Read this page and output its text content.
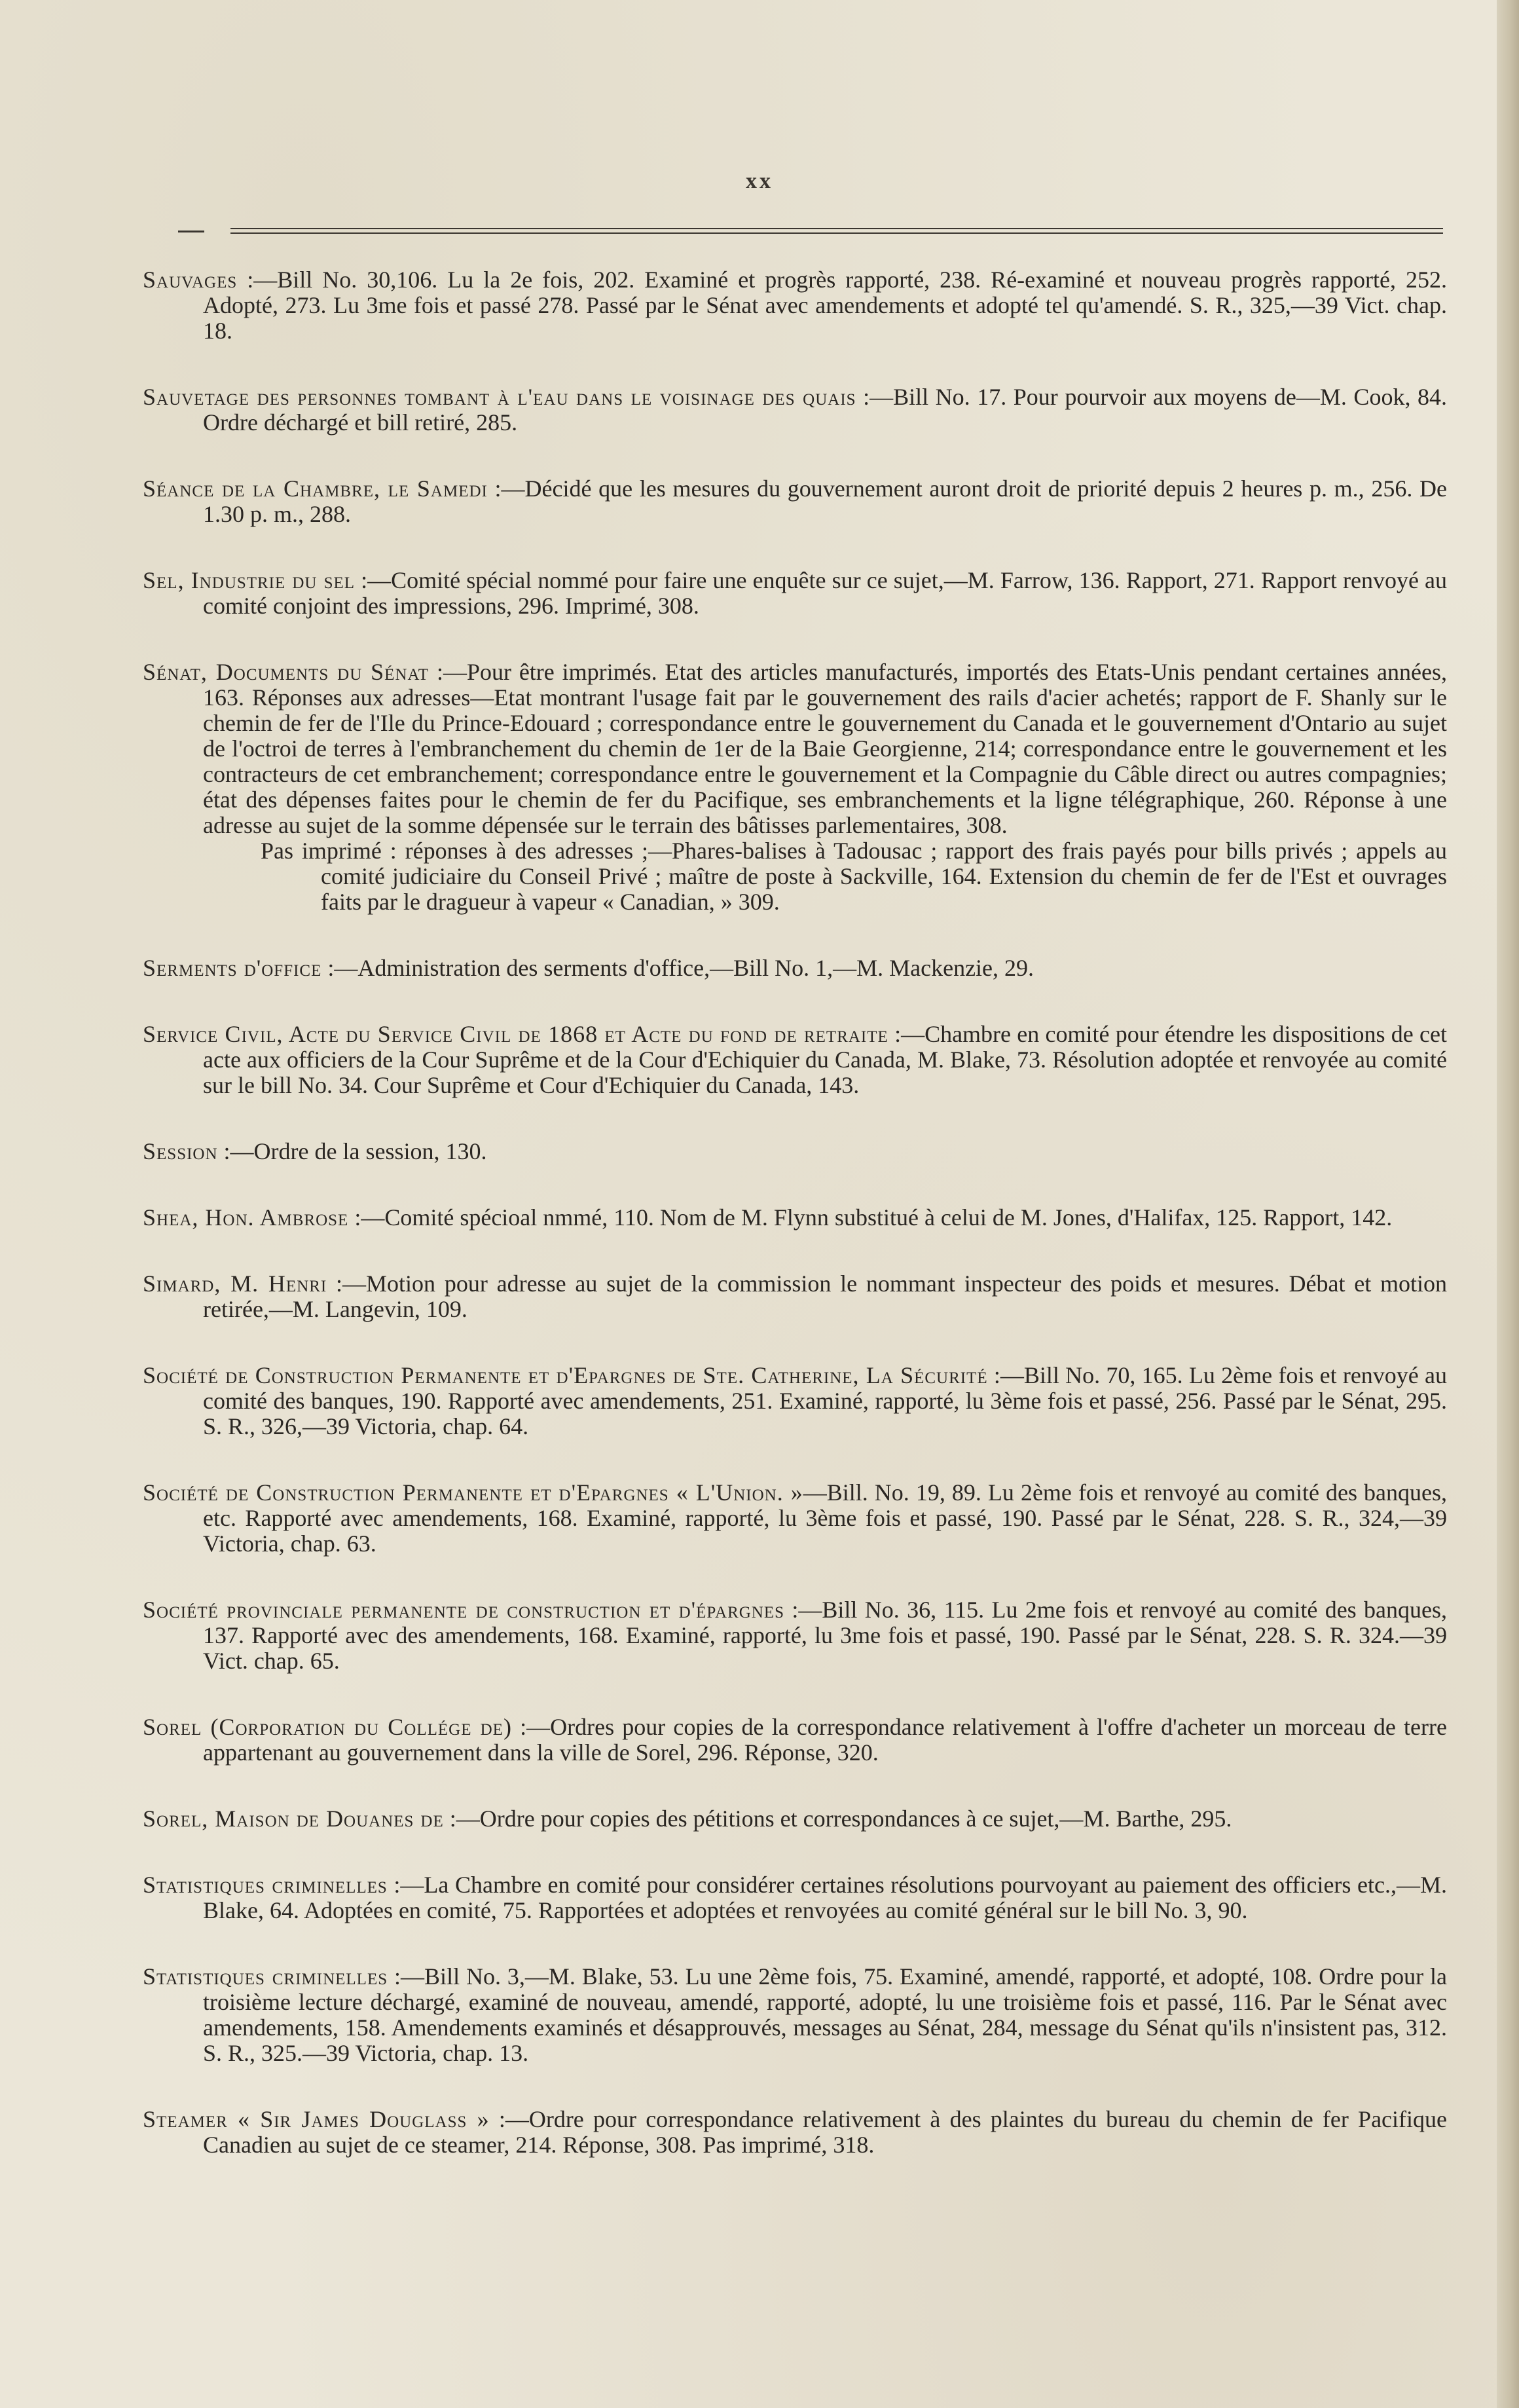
xx

Sauvages :—Bill No. 30,106. Lu la 2e fois, 202. Examiné et progrès rapporté, 238. Ré-examiné et nouveau progrès rapporté, 252. Adopté, 273. Lu 3me fois et passé 278. Passé par le Sénat avec amendements et adopté tel qu'amendé. S. R., 325,—39 Vict. chap. 18.

Sauvetage des personnes tombant à l'eau dans le voisinage des quais :—Bill No. 17. Pour pourvoir aux moyens de—M. Cook, 84. Ordre déchargé et bill retiré, 285.

Séance de la Chambre, le Samedi :—Décidé que les mesures du gouvernement auront droit de priorité depuis 2 heures p. m., 256. De 1.30 p. m., 288.

Sel, Industrie du sel :—Comité spécial nommé pour faire une enquête sur ce sujet,—M. Farrow, 136. Rapport, 271. Rapport renvoyé au comité conjoint des impressions, 296. Imprimé, 308.

Sénat, Documents du Sénat :—Pour être imprimés. Etat des articles manufacturés, importés des Etats-Unis pendant certaines années, 163. Réponses aux adresses—Etat montrant l'usage fait par le gouvernement des rails d'acier achetés; rapport de F. Shanly sur le chemin de fer de l'Ile du Prince-Edouard ; correspondance entre le gouvernement du Canada et le gouvernement d'Ontario au sujet de l'octroi de terres à l'embranchement du chemin de 1er de la Baie Georgienne, 214; correspondance entre le gouvernement et les contracteurs de cet embranchement; correspondance entre le gouvernement et la Compagnie du Câble direct ou autres compagnies; état des dépenses faites pour le chemin de fer du Pacifique, ses embranchements et la ligne télégraphique, 260. Réponse à une adresse au sujet de la somme dépensée sur le terrain des bâtisses parlementaires, 308.
Pas imprimé : réponses à des adresses ;—Phares-balises à Tadousac ; rapport des frais payés pour bills privés ; appels au comité judiciaire du Conseil Privé ; maître de poste à Sackville, 164. Extension du chemin de fer de l'Est et ouvrages faits par le dragueur à vapeur « Canadian, » 309.

Serments d'office :—Administration des serments d'office,—Bill No. 1,—M. Mackenzie, 29.

Service Civil, Acte du Service Civil de 1868 et Acte du fond de retraite :—Chambre en comité pour étendre les dispositions de cet acte aux officiers de la Cour Suprême et de la Cour d'Echiquier du Canada, M. Blake, 73. Résolution adoptée et renvoyée au comité sur le bill No. 34. Cour Suprême et Cour d'Echiquier du Canada, 143.

Session :—Ordre de la session, 130.

Shea, Hon. Ambrose :—Comité spécioal nmmé, 110. Nom de M. Flynn substitué à celui de M. Jones, d'Halifax, 125. Rapport, 142.

Simard, M. Henri :—Motion pour adresse au sujet de la commission le nommant inspecteur des poids et mesures. Débat et motion retirée,—M. Langevin, 109.

Société de Construction Permanente et d'Epargnes de Ste. Catherine, La Sécurité :—Bill No. 70, 165. Lu 2ème fois et renvoyé au comité des banques, 190. Rapporté avec amendements, 251. Examiné, rapporté, lu 3ème fois et passé, 256. Passé par le Sénat, 295. S. R., 326,—39 Victoria, chap. 64.

Société de Construction Permanente et d'Epargnes « L'Union. »—Bill. No. 19, 89. Lu 2ème fois et renvoyé au comité des banques, etc. Rapporté avec amendements, 168. Examiné, rapporté, lu 3ème fois et passé, 190. Passé par le Sénat, 228. S. R., 324,—39 Victoria, chap. 63.

Société provinciale permanente de construction et d'épargnes :—Bill No. 36, 115. Lu 2me fois et renvoyé au comité des banques, 137. Rapporté avec des amendements, 168. Examiné, rapporté, lu 3me fois et passé, 190. Passé par le Sénat, 228. S. R. 324.—39 Vict. chap. 65.

Sorel (Corporation du Collége de) :—Ordres pour copies de la correspondance relativement à l'offre d'acheter un morceau de terre appartenant au gouvernement dans la ville de Sorel, 296. Réponse, 320.

Sorel, Maison de Douanes de :—Ordre pour copies des pétitions et correspondances à ce sujet,—M. Barthe, 295.

Statistiques criminelles :—La Chambre en comité pour considérer certaines résolutions pourvoyant au paiement des officiers etc.,—M. Blake, 64. Adoptées en comité, 75. Rapportées et adoptées et renvoyées au comité général sur le bill No. 3, 90.

Statistiques criminelles :—Bill No. 3,—M. Blake, 53. Lu une 2ème fois, 75. Examiné, amendé, rapporté, et adopté, 108. Ordre pour la troisième lecture déchargé, examiné de nouveau, amendé, rapporté, adopté, lu une troisième fois et passé, 116. Par le Sénat avec amendements, 158. Amendements examinés et désapprouvés, messages au Sénat, 284, message du Sénat qu'ils n'insistent pas, 312. S. R., 325.—39 Victoria, chap. 13.

Steamer « Sir James Douglass » :—Ordre pour correspondance relativement à des plaintes du bureau du chemin de fer Pacifique Canadien au sujet de ce steamer, 214. Réponse, 308. Pas imprimé, 318.
